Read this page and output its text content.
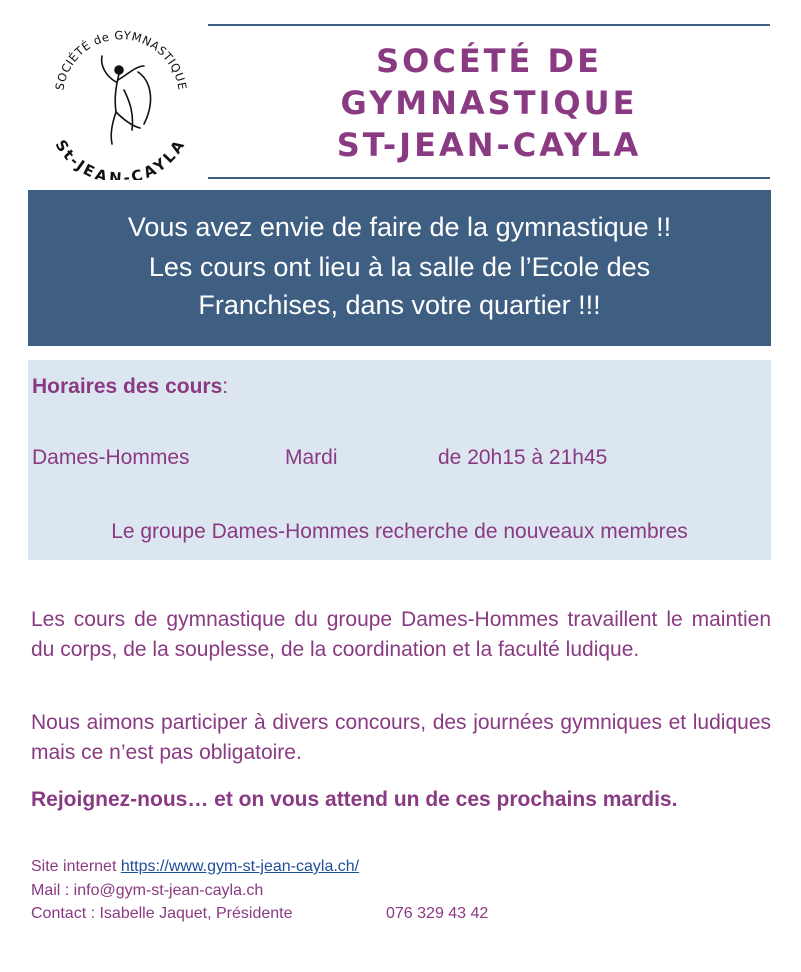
SOCIÉTÉ de GYMNASTIQUE
St-JEAN-CAYLA
SOCÉTÉ DE
GYMNASTIQUE
ST-JEAN-CAYLA
Vous avez envie de faire de la gymnastique !!
Les cours ont lieu à la salle de l’Ecole des
Franchises, dans votre quartier !!!
Horaires des cours:
Dames-Hommes	Mardi	de 20h15 à 21h45
Le groupe Dames-Hommes recherche de nouveaux membres
Les cours de gymnastique du groupe Dames-Hommes travaillent le maintien du corps, de la souplesse, de la coordination et la faculté ludique.
Nous aimons participer à divers concours, des journées gymniques et ludiques mais ce n’est pas obligatoire.
Rejoignez-nous… et on vous attend un de ces prochains mardis.
Site internet https://www.gym-st-jean-cayla.ch/
Mail : info@gym-st-jean-cayla.ch
Contact : Isabelle Jaquet, Présidente	076 329 43 42
